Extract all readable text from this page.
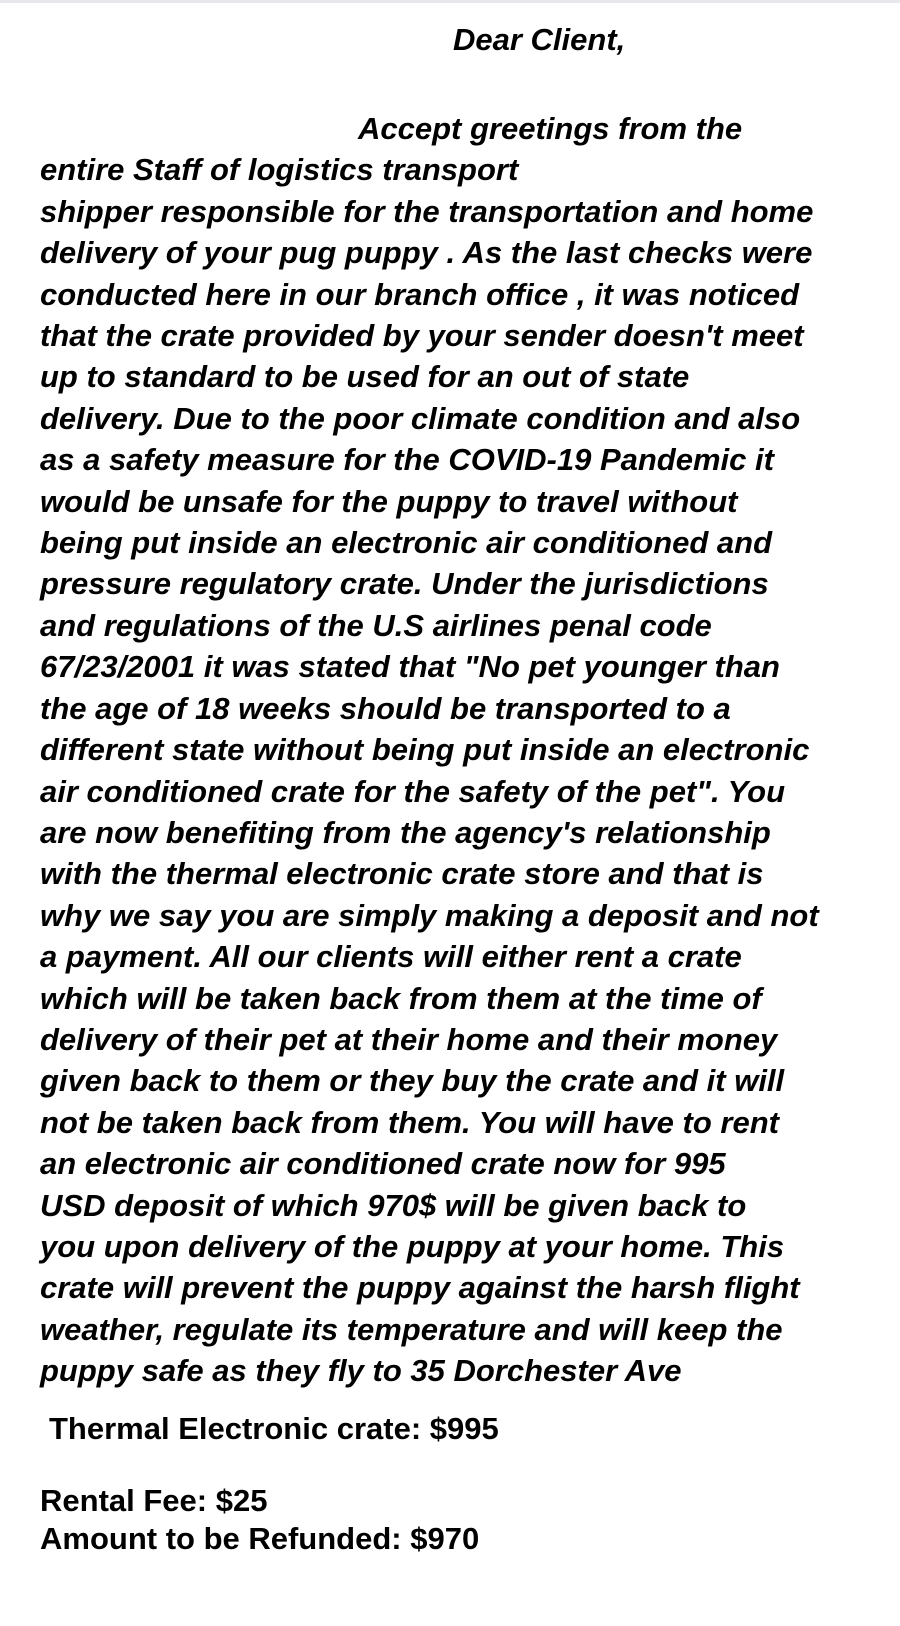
Dear Client,

Accept greetings from the

entire Staff of logistics transport

shipper responsible for the transportation and home

delivery of your pug puppy . As the last checks were

conducted here in our branch office , it was noticed

that the crate provided by your sender doesn't meet

up to standard to be used for an out of state

delivery. Due to the poor climate condition and also

as a safety measure for the COVID-19 Pandemic it

would be unsafe for the puppy to travel without

being put inside an electronic air conditioned and

pressure regulatory crate. Under the jurisdictions

and regulations of the U.S airlines penal code

67/23/2001 it was stated that "No pet younger than

the age of 18 weeks should be transported to a

different state without being put inside an electronic

air conditioned crate for the safety of the pet". You

are now benefiting from the agency's relationship

with the thermal electronic crate store and that is

why we say you are simply making a deposit and not

a payment. All our clients will either rent a crate

which will be taken back from them at the time of

delivery of their pet at their home and their money

given back to them or they buy the crate and it will

not be taken back from them. You will have to rent

an electronic air conditioned crate now for 995

USD deposit of which 970$ will be given back to

you upon delivery of the puppy at your home. This

crate will prevent the puppy against the harsh flight

weather, regulate its temperature and will keep the

puppy safe as they fly to 35 Dorchester Ave

Thermal Electronic crate: $995
Rental Fee: $25
Amount to be Refunded: $970
